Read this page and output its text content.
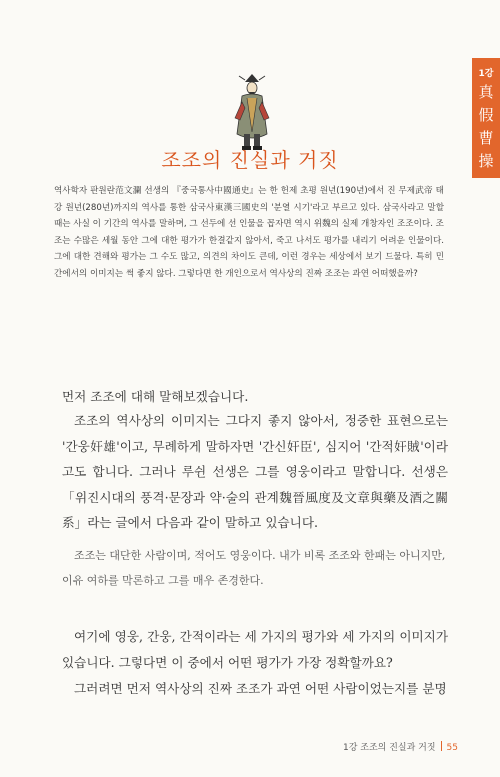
1강
真
假
曹
操
조조의 진실과 거짓

역사학자 판원란范文瀾 선생의 『중국통사中國通史』는 한 헌제 초평 원년(190년)에서 진 무제武帝 태강 원년(280년)까지의 역사를 통한 삼국사東漢三國史의 '분열 시기'라고 부르고 있다. 삼국사라고 말할 때는 사실 이 기간의 역사를 말하며, 그 선두에 선 인물을 꼽자면 역시 위魏의 실제 개창자인 조조이다. 조조는 수많은 세월 동안 그에 대한 평가가 한결같지 않아서, 죽고 나서도 평가를 내리기 어려운 인물이다. 그에 대한 견해와 평가는 그 수도 많고, 의견의 차이도 큰데, 이런 경우는 세상에서 보기 드물다. 특히 민간에서의 이미지는 썩 좋지 않다. 그렇다면 한 개인으로서 역사상의 진짜 조조는 과연 어떠했을까?

먼저 조조에 대해 말해보겠습니다.

조조의 역사상의 이미지는 그다지 좋지 않아서, 정중한 표현으로는 '간웅奸雄'이고, 무례하게 말하자면 '간신奸臣', 심지어 '간적奸賊'이라고도 합니다. 그러나 루쉰 선생은 그를 영웅이라고 말합니다. 선생은 「위진시대의 풍격·문장과 약·술의 관계魏晉風度及文章與藥及酒之關系」라는 글에서 다음과 같이 말하고 있습니다.

조조는 대단한 사람이며, 적어도 영웅이다. 내가 비록 조조와 한패는 아니지만, 이유 여하를 막론하고 그를 매우 존경한다.

여기에 영웅, 간웅, 간적이라는 세 가지의 평가와 세 가지의 이미지가 있습니다. 그렇다면 이 중에서 어떤 평가가 가장 정확할까요?

그러려면 먼저 역사상의 진짜 조조가 과연 어떤 사람이었는지를 분명

1강 조조의 진실과 거짓 55
